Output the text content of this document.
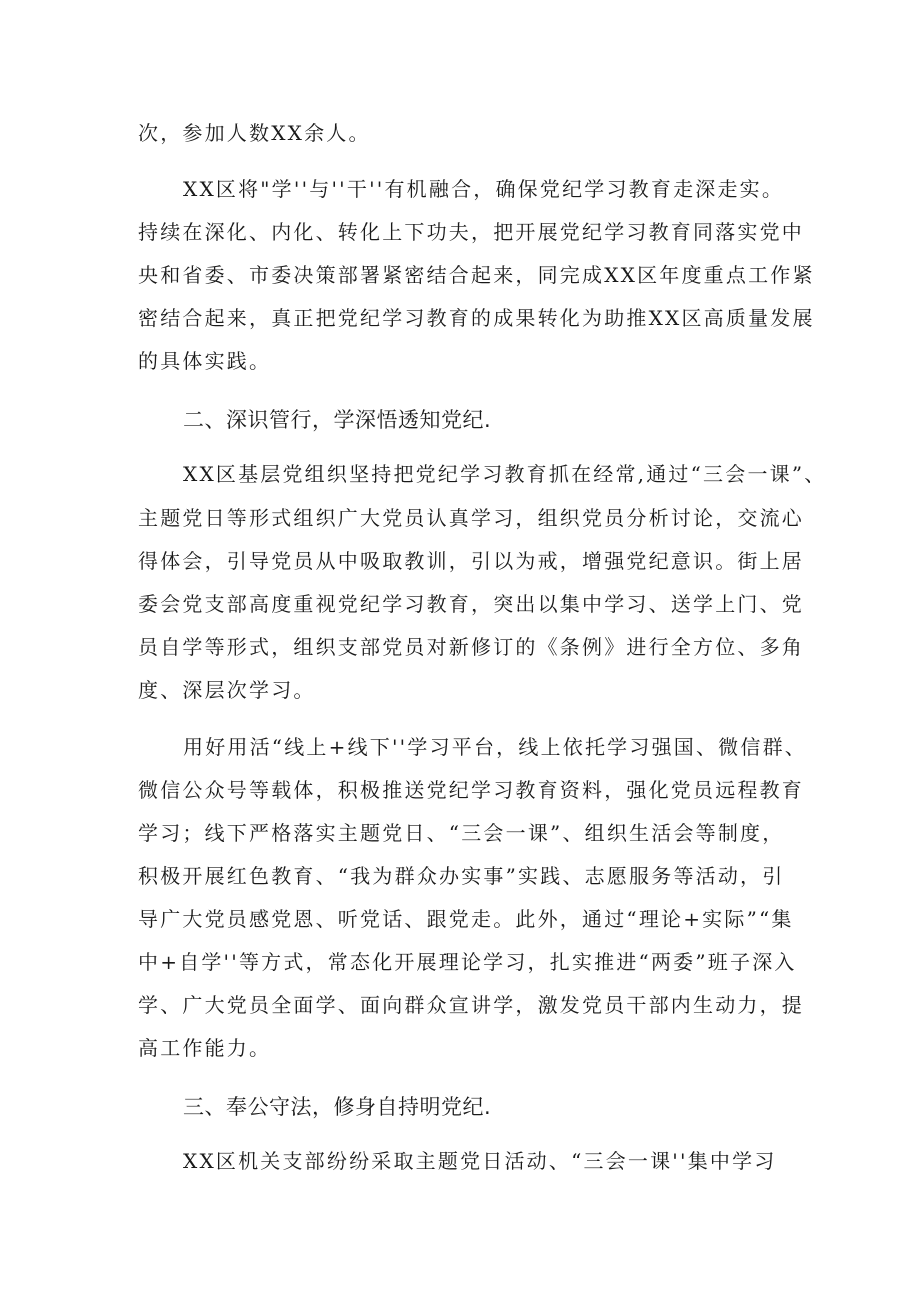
次，参加人数XX余人。
XX区将"学''与''干''有机融合，确保党纪学习教育走深走实。
持续在深化、内化、转化上下功夫，把开展党纪学习教育同落实党中
央和省委、市委决策部署紧密结合起来，同完成XX区年度重点工作紧
密结合起来，真正把党纪学习教育的成果转化为助推XX区高质量发展
的具体实践。
二、深识管行，学深悟透知党纪.
XX区基层党组织坚持把党纪学习教育抓在经常,通过“三会一课”、
主题党日等形式组织广大党员认真学习，组织党员分析讨论，交流心
得体会，引导党员从中吸取教训，引以为戒，增强党纪意识。街上居
委会党支部高度重视党纪学习教育，突出以集中学习、送学上门、党
员自学等形式，组织支部党员对新修订的《条例》进行全方位、多角
度、深层次学习。
用好用活“线上+线下''学习平台，线上依托学习强国、微信群、
微信公众号等载体，积极推送党纪学习教育资料，强化党员远程教育
学习；线下严格落实主题党日、“三会一课”、组织生活会等制度，
积极开展红色教育、“我为群众办实事”实践、志愿服务等活动，引
导广大党员感党恩、听党话、跟党走。此外，通过“理论+实际”“集
中+自学''等方式，常态化开展理论学习，扎实推进“两委”班子深入
学、广大党员全面学、面向群众宣讲学，激发党员干部内生动力，提
高工作能力。
三、奉公守法，修身自持明党纪.
XX区机关支部纷纷采取主题党日活动、“三会一课''集中学习
